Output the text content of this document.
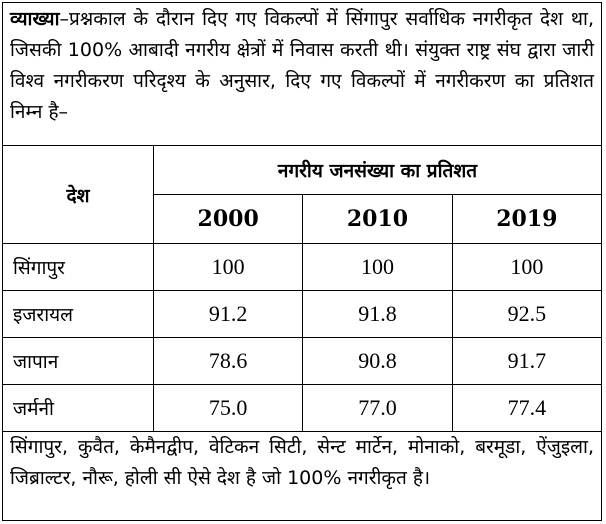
व्याख्या–प्रश्नकाल के दौरान दिए गए विकल्पों में सिंगापुर सर्वाधिक नगरीकृत देश था, जिसकी 100% आबादी नगरीय क्षेत्रों में निवास करती थी। संयुक्त राष्ट्र संघ द्वारा जारी विश्व नगरीकरण परिदृश्य के अनुसार, दिए गए विकल्पों में नगरीकरण का प्रतिशत निम्न है–
देश	नगरीय जनसंख्या का प्रतिशत		
	2000	2010	2019
सिंगापुर	100	100	100
इजरायल	91.2	91.8	92.5
जापान	78.6	90.8	91.7
जर्मनी	75.0	77.0	77.4
सिंगापुर, कुवैत, केमैनद्वीप, वेटिकन सिटी, सेन्ट मार्टेन, मोनाको, बरमूडा, ऐंजुइला, जिब्राल्टर, नौरू, होली सी ऐसे देश है जो 100% नगरीकृत है।
